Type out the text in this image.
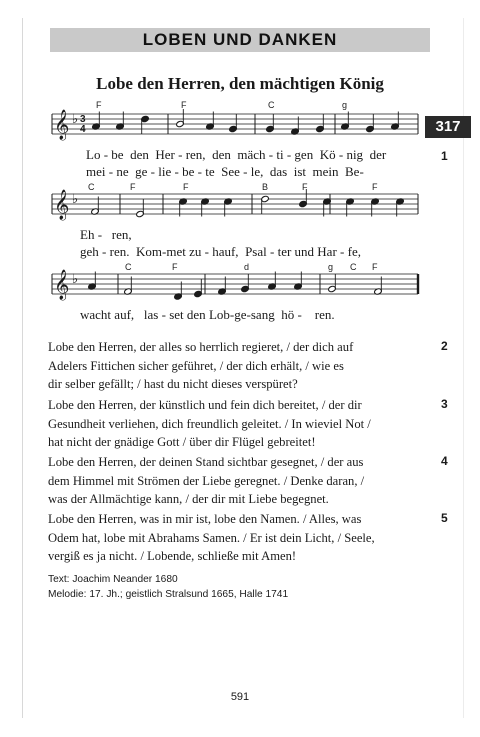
LOBEN UND DANKEN
Lobe den Herren, den mächtigen König
317
𝄞 ♭
𝄞 ♭
𝄞 ♭
3
4
F	F	C	g
Lo - be den Her - ren, den mäch - ti - gen Kö - nig der	1
mei - ne ge - lie - be - te See - le, das ist mein Be-
C	F	F	B	F	F
Eh - ren,
geh - ren. Kom-met zu - hauf, Psal - ter und Har - fe,
C	F	d	g C F
wacht auf, las - set den Lob-ge-sang hö - ren.
Lobe den Herren, der alles so herrlich regieret, / der dich auf
Adelers Fittichen sicher geführet, / der dich erhält, / wie es
dir selber gefällt; / hast du nicht dieses verspüret?
2
Lobe den Herren, der künstlich und fein dich bereitet, / der dir
Gesundheit verliehen, dich freundlich geleitet. / In wieviel Not /
hat nicht der gnädige Gott / über dir Flügel gebreitet!
3
Lobe den Herren, der deinen Stand sichtbar gesegnet, / der aus
dem Himmel mit Strömen der Liebe geregnet. / Denke daran, /
was der Allmächtige kann, / der dir mit Liebe begegnet.
4
Lobe den Herren, was in mir ist, lobe den Namen. / Alles, was
Odem hat, lobe mit Abrahams Samen. / Er ist dein Licht, / Seele,
vergiß es ja nicht. / Lobende, schließe mit Amen!
5
Text: Joachim Neander 1680
Melodie: 17. Jh.; geistlich Stralsund 1665, Halle 1741
591
